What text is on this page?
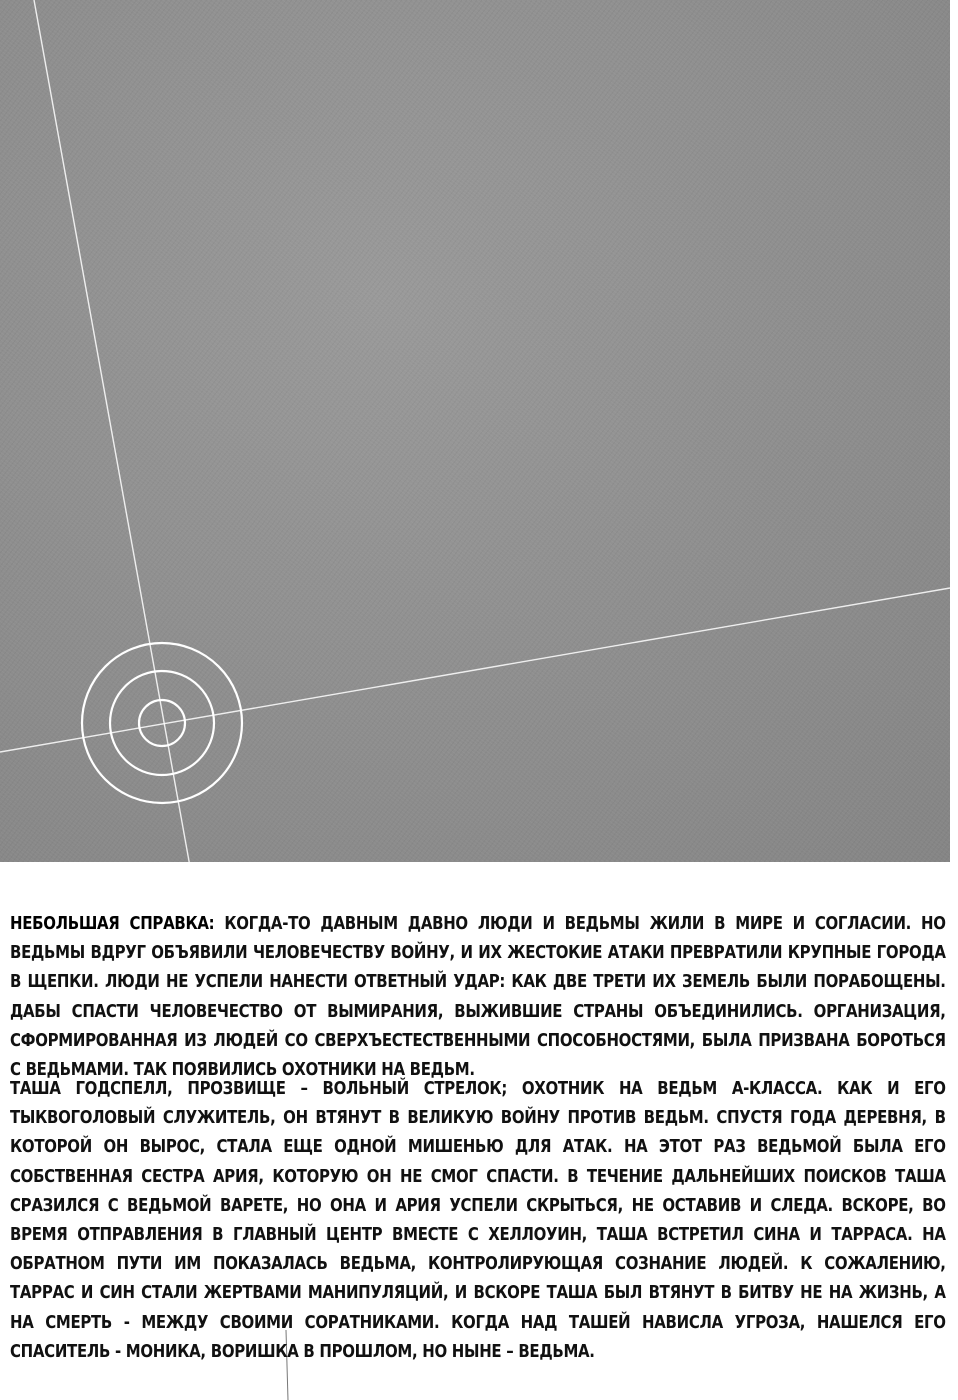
НЕБОЛЬШАЯ СПРАВКА: КОГДА-ТО ДАВНЫМ ДАВНО ЛЮДИ И ВЕДЬМЫ ЖИЛИ В МИРЕ И СОГЛАСИИ. НО ВЕДЬМЫ ВДРУГ ОБЪЯВИЛИ ЧЕЛОВЕЧЕСТВУ ВОЙНУ, И ИХ ЖЕСТОКИЕ АТАКИ ПРЕВРАТИЛИ КРУПНЫЕ ГОРОДА В ЩЕПКИ. ЛЮДИ НЕ УСПЕЛИ НАНЕСТИ ОТВЕТНЫЙ УДАР: КАК ДВЕ ТРЕТИ ИХ ЗЕМЕЛЬ БЫЛИ ПОРАБОЩЕНЫ. ДАБЫ СПАСТИ ЧЕЛОВЕЧЕСТВО ОТ ВЫМИРАНИЯ, ВЫЖИВШИЕ СТРАНЫ ОБЪЕДИНИЛИСЬ. ОРГАНИЗАЦИЯ, СФОРМИРОВАННАЯ ИЗ ЛЮДЕЙ СО СВЕРХЪЕСТЕСТВЕННЫМИ СПОСОБНОСТЯМИ, БЫЛА ПРИЗВАНА БОРОТЬСЯ С ВЕДЬМАМИ. ТАК ПОЯВИЛИСЬ ОХОТНИКИ НА ВЕДЬМ.

ТАША ГОДСПЕЛЛ, ПРОЗВИЩЕ – ВОЛЬНЫЙ СТРЕЛОК; ОХОТНИК НА ВЕДЬМ А-КЛАССА. КАК И ЕГО ТЫКВОГОЛОВЫЙ СЛУЖИТЕЛЬ, ОН ВТЯНУТ В ВЕЛИКУЮ ВОЙНУ ПРОТИВ ВЕДЬМ. СПУСТЯ ГОДА ДЕРЕВНЯ, В КОТОРОЙ ОН ВЫРОС, СТАЛА ЕЩЕ ОДНОЙ МИШЕНЬЮ ДЛЯ АТАК. НА ЭТОТ РАЗ ВЕДЬМОЙ БЫЛА ЕГО СОБСТВЕННАЯ СЕСТРА АРИЯ, КОТОРУЮ ОН НЕ СМОГ СПАСТИ. В ТЕЧЕНИЕ ДАЛЬНЕЙШИХ ПОИСКОВ ТАША СРАЗИЛСЯ С ВЕДЬМОЙ ВАРЕТЕ, НО ОНА И АРИЯ УСПЕЛИ СКРЫТЬСЯ, НЕ ОСТАВИВ И СЛЕДА. ВСКОРЕ, ВО ВРЕМЯ ОТПРАВЛЕНИЯ В ГЛАВНЫЙ ЦЕНТР ВМЕСТЕ С ХЕЛЛОУИН, ТАША ВСТРЕТИЛ СИНА И ТАРРАСА. НА ОБРАТНОМ ПУТИ ИМ ПОКАЗАЛАСЬ ВЕДЬМА, КОНТРОЛИРУЮЩАЯ СОЗНАНИЕ ЛЮДЕЙ. К СОЖАЛЕНИЮ, ТАРРАС И СИН СТАЛИ ЖЕРТВАМИ МАНИПУЛЯЦИЙ, И ВСКОРЕ ТАША БЫЛ ВТЯНУТ В БИТВУ НЕ НА ЖИЗНЬ, А НА СМЕРТЬ - МЕЖДУ СВОИМИ СОРАТНИКАМИ. КОГДА НАД ТАШЕЙ НАВИСЛА УГРОЗА, НАШЕЛСЯ ЕГО СПАСИТЕЛЬ - МОНИКА, ВОРИШКА В ПРОШЛОМ, НО НЫНЕ – ВЕДЬМА.
